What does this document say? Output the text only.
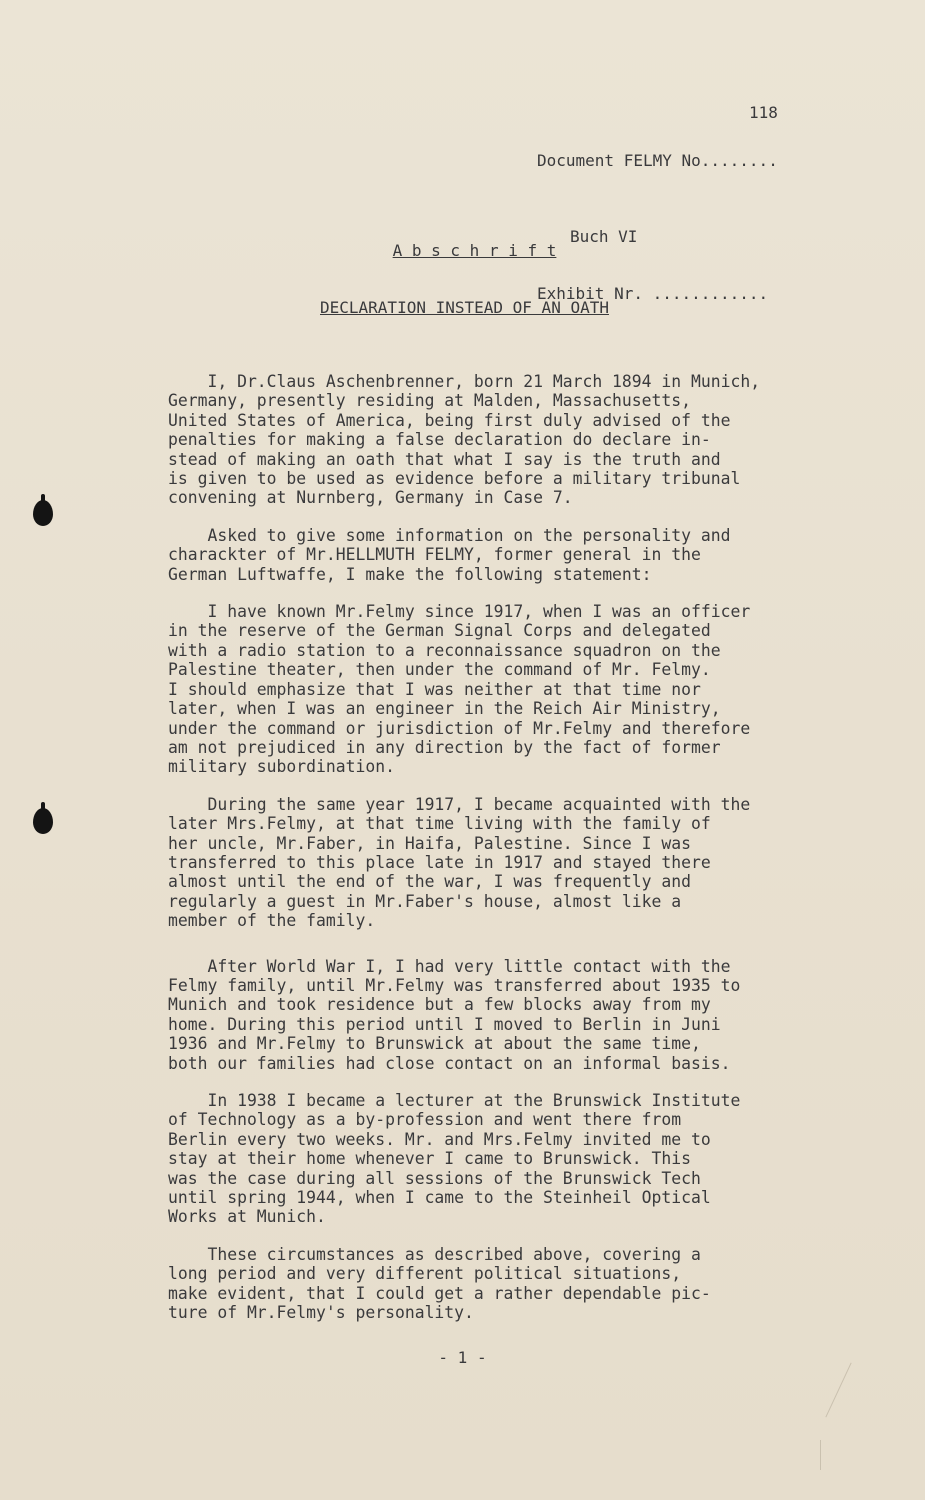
Document FELMY No........

118

Buch VI

Exhibit Nr. ............

A b s c h r i f t
DECLARATION INSTEAD OF AN OATH

I, Dr.Claus Aschenbrenner, born 21 March 1894 in Munich,
Germany, presently residing at Malden, Massachusetts,
United States of America, being first duly advised of the
penalties for making a false declaration do declare in-
stead of making an oath that what I say is the truth and
is given to be used as evidence before a military tribunal
convening at Nurnberg, Germany in Case 7.

Asked to give some information on the personality and
charackter of Mr.HELLMUTH FELMY, former general in the
German Luftwaffe, I make the following statement:

I have known Mr.Felmy since 1917, when I was an officer
in the reserve of the German Signal Corps and delegated
with a radio station to a reconnaissance squadron on the
Palestine theater, then under the command of Mr. Felmy.
I should emphasize that I was neither at that time nor
later, when I was an engineer in the Reich Air Ministry,
under the command or jurisdiction of Mr.Felmy and therefore
am not prejudiced in any direction by the fact of former
military subordination.

During the same year 1917, I became acquainted with the
later Mrs.Felmy, at that time living with the family of
her uncle, Mr.Faber, in Haifa, Palestine. Since I was
transferred to this place late in 1917 and stayed there
almost until the end of the war, I was frequently and
regularly a guest in Mr.Faber's house, almost like a
member of the family.

After World War I, I had very little contact with the
Felmy family, until Mr.Felmy was transferred about 1935 to
Munich and took residence but a few blocks away from my
home. During this period until I moved to Berlin in Juni
1936 and Mr.Felmy to Brunswick at about the same time,
both our families had close contact on an informal basis.

In 1938 I became a lecturer at the Brunswick Institute
of Technology as a by-profession and went there from
Berlin every two weeks. Mr. and Mrs.Felmy invited me to
stay at their home whenever I came to Brunswick. This
was the case during all sessions of the Brunswick Tech
until spring 1944, when I came to the Steinheil Optical
Works at Munich.

These circumstances as described above, covering a
long period and very different political situations,
make evident, that I could get a rather dependable pic-
ture of Mr.Felmy's personality.

- 1 -
